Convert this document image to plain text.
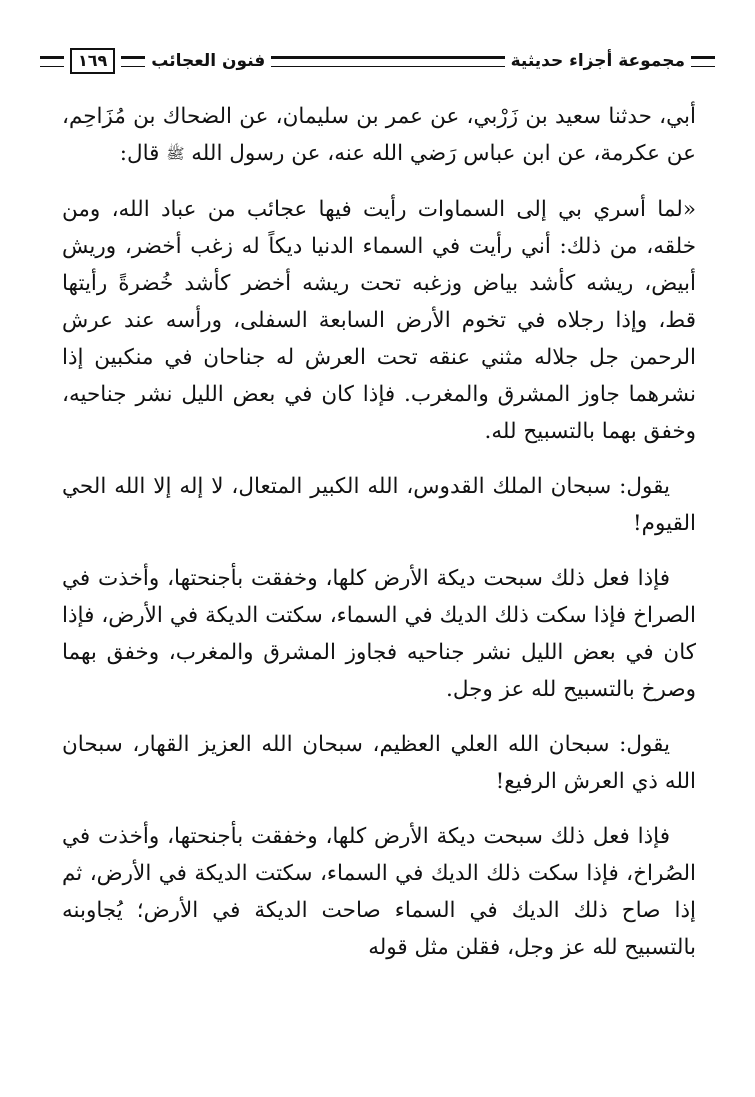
مجموعة أجزاء حديثية
فنون العجائب
١٦٩

أبي، حدثنا سعيد بن زَرْبي، عن عمر بن سليمان، عن الضحاك بن مُزَاحِم، عن عكرمة، عن ابن عباس رَضي الله عنه، عن رسول الله ﷺ قال:

«لما أسري بي إلى السماوات رأيت فيها عجائب من عباد الله، ومن خلقه، من ذلك: أني رأيت في السماء الدنيا ديكاً له زغب أخضر، وريش أبيض، ريشه كأشد بياض وزغبه تحت ريشه أخضر كأشد خُضرةً رأيتها قط، وإذا رجلاه في تخوم الأرض السابعة السفلى، ورأسه عند عرش الرحمن جل جلاله مثني عنقه تحت العرش له جناحان في منكبين إذا نشرهما جاوز المشرق والمغرب. فإذا كان في بعض الليل نشر جناحيه، وخفق بهما بالتسبيح لله.

يقول: سبحان الملك القدوس، الله الكبير المتعال، لا إله إلا الله الحي القيوم!

فإذا فعل ذلك سبحت ديكة الأرض كلها، وخفقت بأجنحتها، وأخذت في الصراخ فإذا سكت ذلك الديك في السماء، سكتت الديكة في الأرض، فإذا كان في بعض الليل نشر جناحيه فجاوز المشرق والمغرب، وخفق بهما وصرخ بالتسبيح لله عز وجل.

يقول: سبحان الله العلي العظيم، سبحان الله العزيز القهار، سبحان الله ذي العرش الرفيع!

فإذا فعل ذلك سبحت ديكة الأرض كلها، وخفقت بأجنحتها، وأخذت في الصُراخ، فإذا سكت ذلك الديك في السماء، سكتت الديكة في الأرض، ثم إذا صاح ذلك الديك في السماء صاحت الديكة في الأرض؛ يُجاوبنه بالتسبيح لله عز وجل، فقلن مثل قوله
